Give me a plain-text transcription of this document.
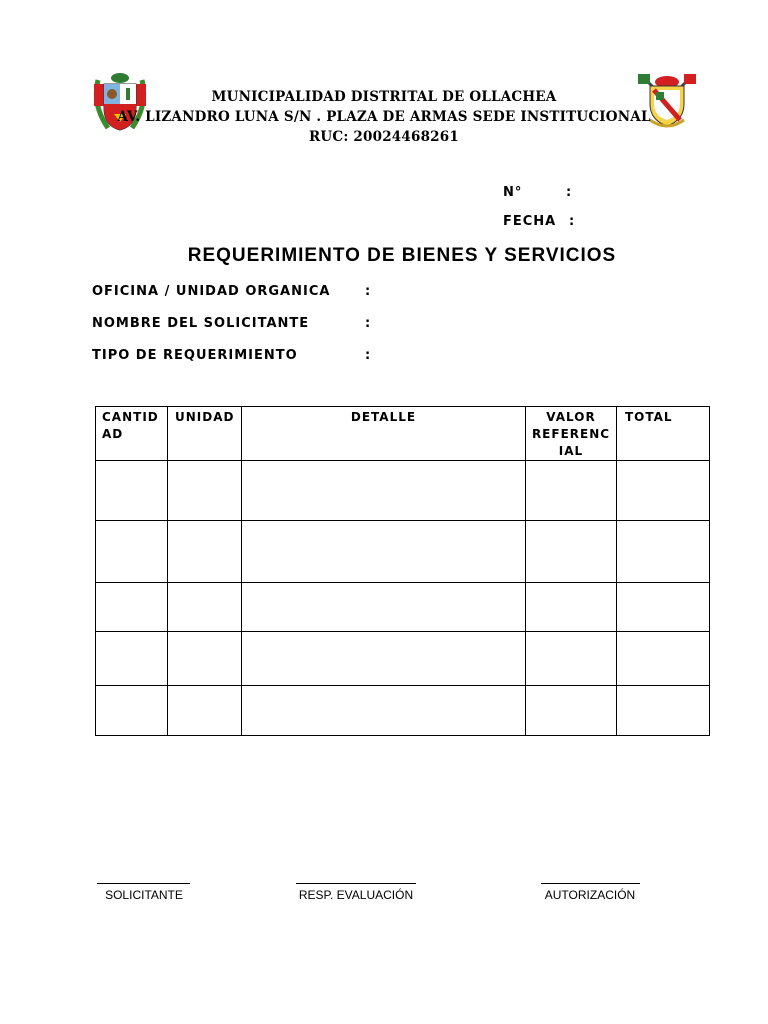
MUNICIPALIDAD DISTRITAL DE OLLACHEA
AV. LIZANDRO LUNA S/N . PLAZA DE ARMAS SEDE INSTITUCIONAL
RUC: 20024468261
N°	:
FECHA :
REQUERIMIENTO DE BIENES Y SERVICIOS
OFICINA / UNIDAD ORGANICA	:
NOMBRE DEL SOLICITANTE	:
TIPO DE REQUERIMIENTO	:
CANTID AD	UNIDAD	DETALLE	VALOR REFERENC IAL	TOTAL

SOLICITANTE	RESP. EVALUACIÓN	AUTORIZACIÓN
